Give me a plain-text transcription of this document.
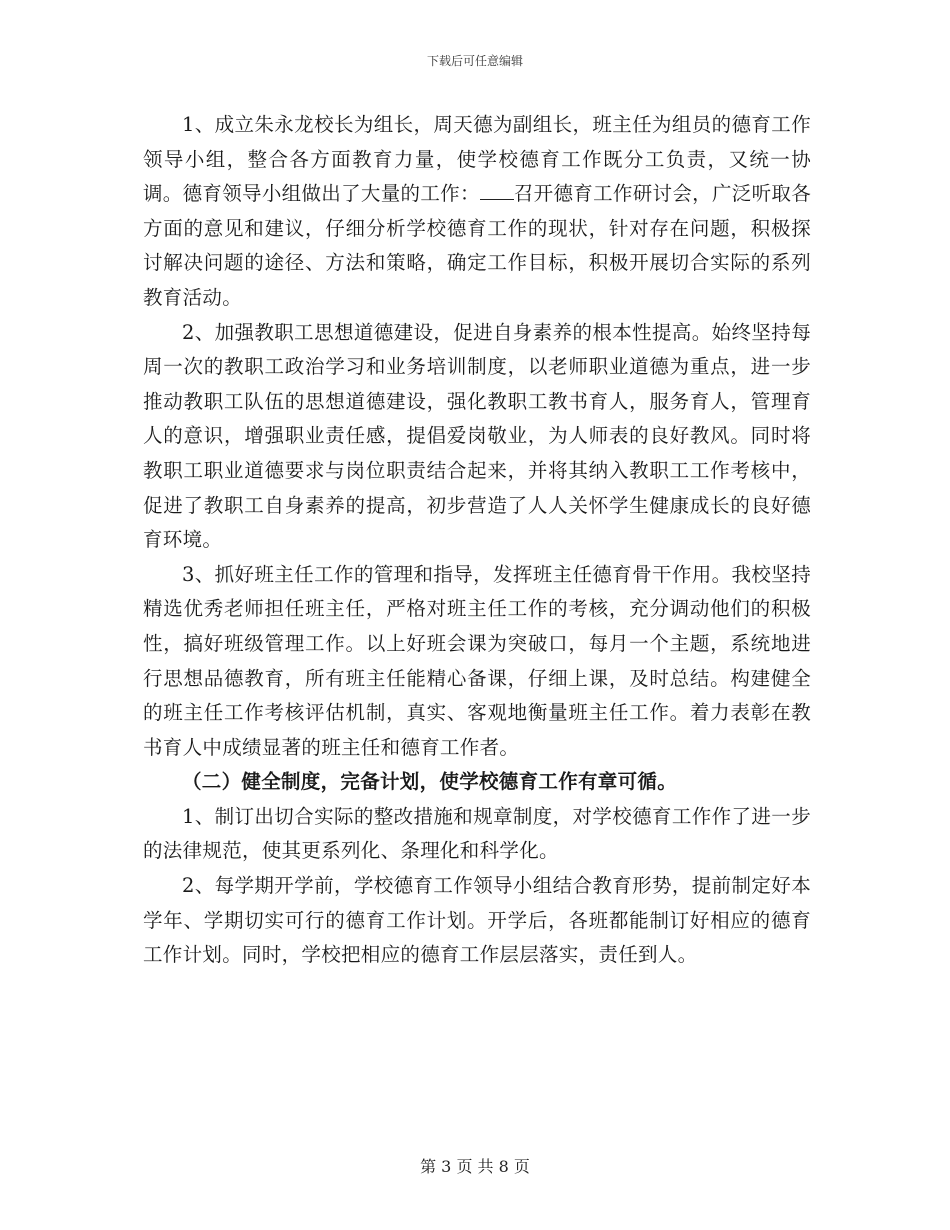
下载后可任意编辑

1、成立朱永龙校长为组长，周天德为副组长，班主任为组员的德育工作领导小组，整合各方面教育力量，使学校德育工作既分工负责，又统一协调。德育领导小组做出了大量的工作： 召开德育工作研讨会，广泛听取各方面的意见和建议，仔细分析学校德育工作的现状，针对存在问题，积极探讨解决问题的途径、方法和策略，确定工作目标，积极开展切合实际的系列教育活动。

2、加强教职工思想道德建设，促进自身素养的根本性提高。始终坚持每周一次的教职工政治学习和业务培训制度，以老师职业道德为重点，进一步推动教职工队伍的思想道德建设，强化教职工教书育人，服务育人，管理育人的意识，增强职业责任感，提倡爱岗敬业，为人师表的良好教风。同时将教职工职业道德要求与岗位职责结合起来，并将其纳入教职工工作考核中，促进了教职工自身素养的提高，初步营造了人人关怀学生健康成长的良好德育环境。

3、抓好班主任工作的管理和指导，发挥班主任德育骨干作用。我校坚持精选优秀老师担任班主任，严格对班主任工作的考核，充分调动他们的积极性，搞好班级管理工作。以上好班会课为突破口，每月一个主题，系统地进行思想品德教育，所有班主任能精心备课，仔细上课，及时总结。构建健全的班主任工作考核评估机制，真实、客观地衡量班主任工作。着力表彰在教书育人中成绩显著的班主任和德育工作者。

（二）健全制度，完备计划，使学校德育工作有章可循。

1、制订出切合实际的整改措施和规章制度，对学校德育工作作了进一步的法律规范，使其更系列化、条理化和科学化。

2、每学期开学前，学校德育工作领导小组结合教育形势，提前制定好本学年、学期切实可行的德育工作计划。开学后，各班都能制订好相应的德育工作计划。同时，学校把相应的德育工作层层落实，责任到人。

第 3 页 共 8 页
